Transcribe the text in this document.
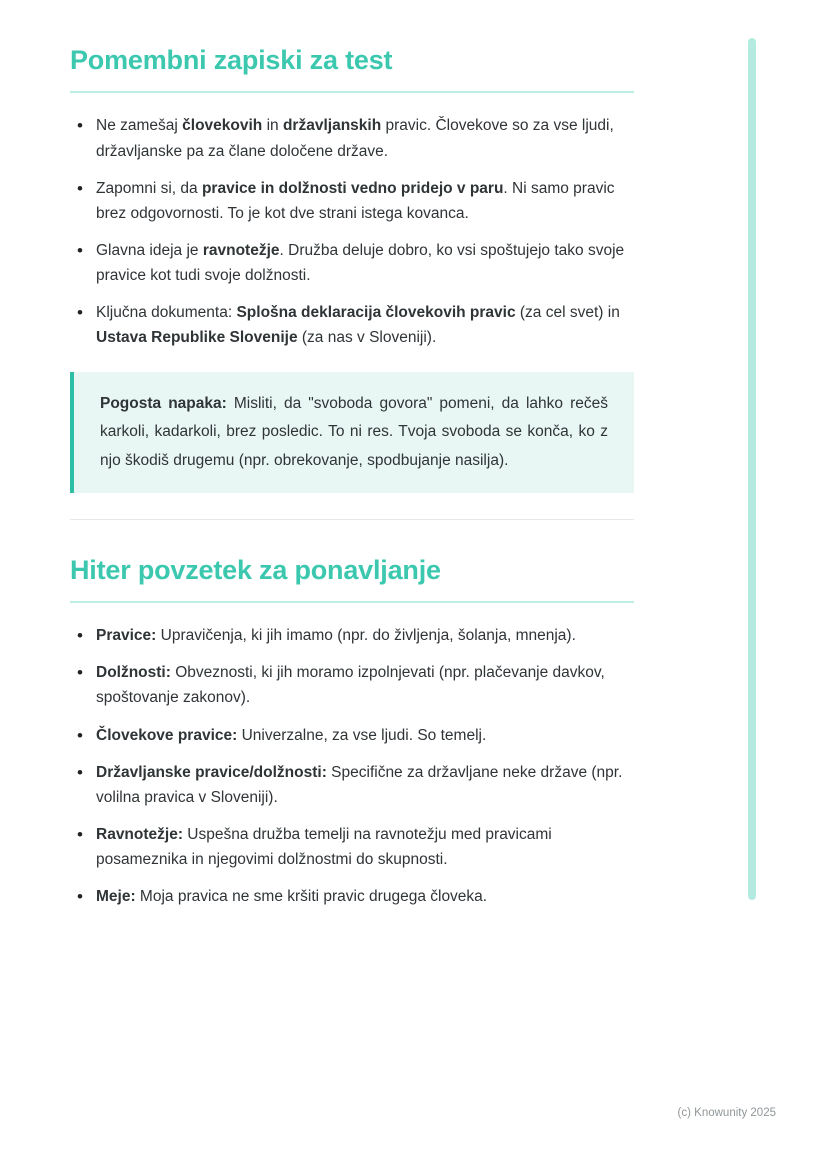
Pomembni zapiski za test
• Ne zamešaj človekovih in državljanskih pravic. Človekove so za vse ljudi, državljanske pa za člane določene države.
• Zapomni si, da pravice in dolžnosti vedno pridejo v paru. Ni samo pravic brez odgovornosti. To je kot dve strani istega kovanca.
• Glavna ideja je ravnotežje. Družba deluje dobro, ko vsi spoštujejo tako svoje pravice kot tudi svoje dolžnosti.
• Ključna dokumenta: Splošna deklaracija človekovih pravic (za cel svet) in Ustava Republike Slovenije (za nas v Sloveniji).

Pogosta napaka: Misliti, da "svoboda govora" pomeni, da lahko rečeš karkoli, kadarkoli, brez posledic. To ni res. Tvoja svoboda se konča, ko z njo škodiš drugemu (npr. obrekovanje, spodbujanje nasilja).

Hiter povzetek za ponavljanje
• Pravice: Upravičenja, ki jih imamo (npr. do življenja, šolanja, mnenja).
• Dolžnosti: Obveznosti, ki jih moramo izpolnjevati (npr. plačevanje davkov, spoštovanje zakonov).
• Človekove pravice: Univerzalne, za vse ljudi. So temelj.
• Državljanske pravice/dolžnosti: Specifične za državljane neke države (npr. volilna pravica v Sloveniji).
• Ravnotežje: Uspešna družba temelji na ravnotežju med pravicami posameznika in njegovimi dolžnostmi do skupnosti.
• Meje: Moja pravica ne sme kršiti pravic drugega človeka.
(c) Knowunity 2025
